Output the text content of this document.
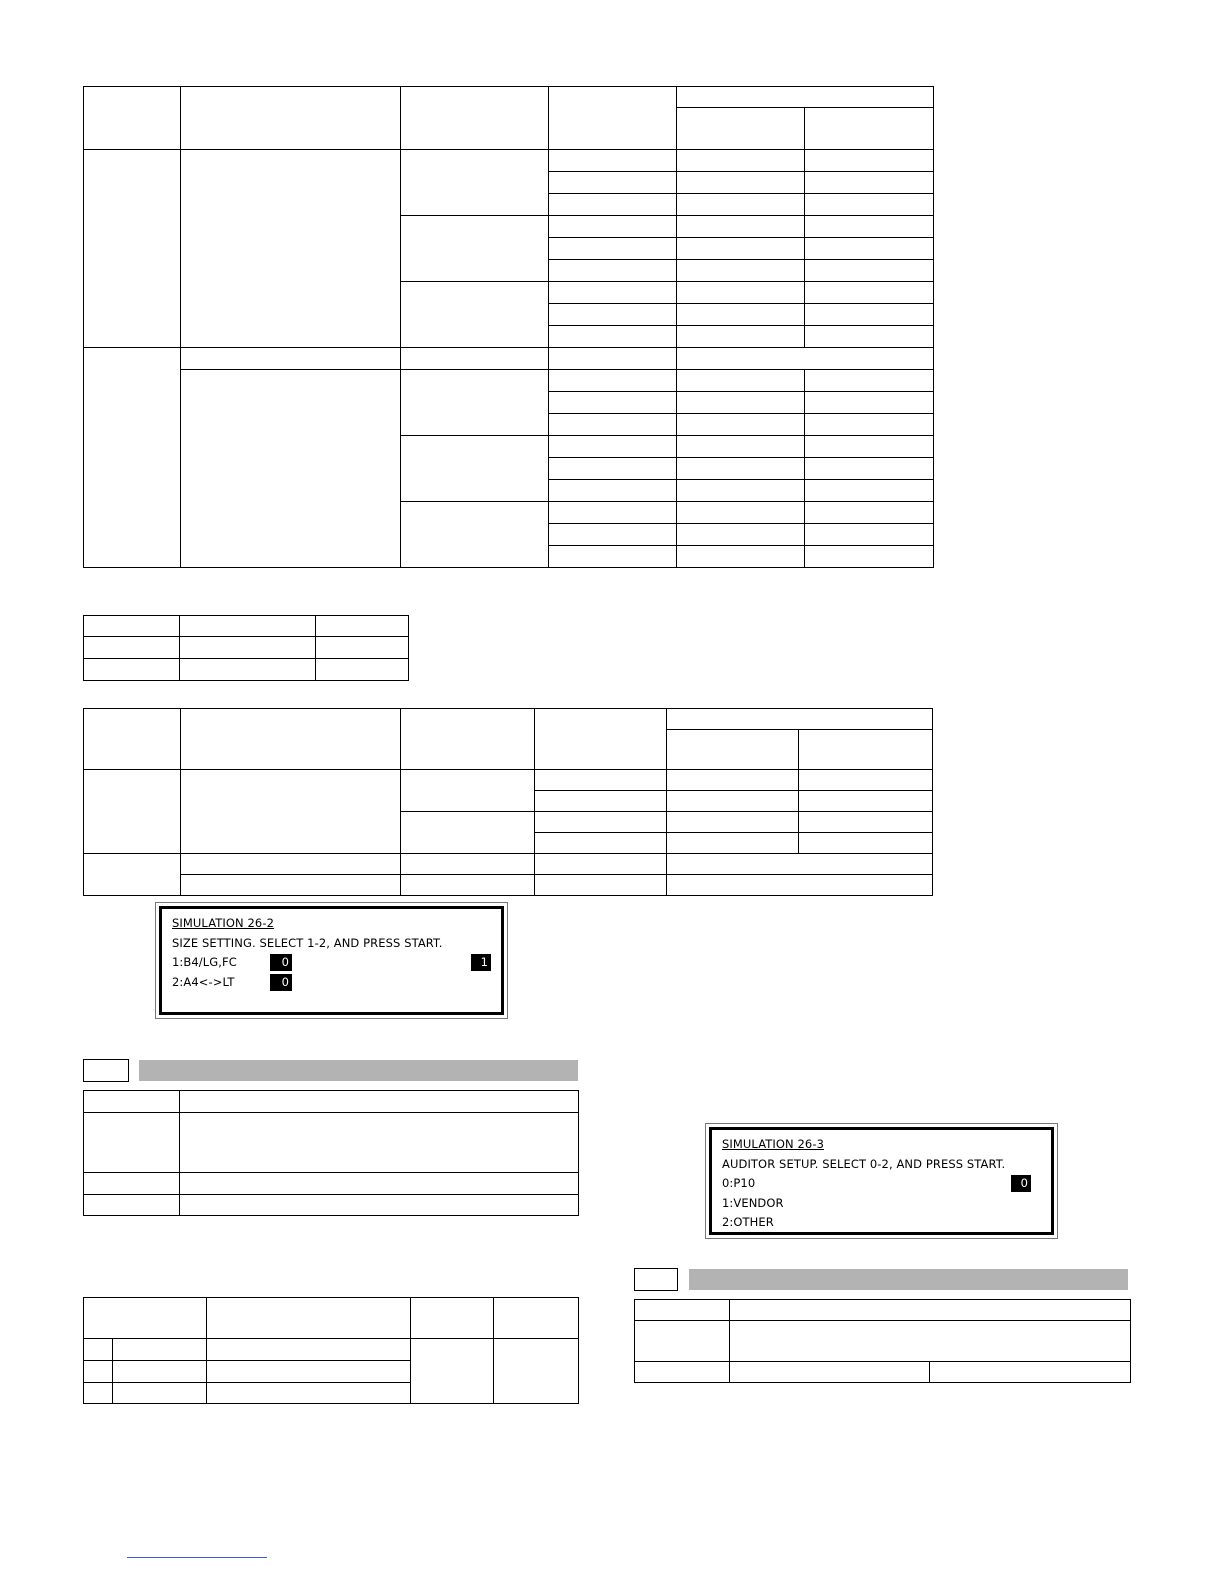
SIMULATION 26-2
SIZE SETTING. SELECT 1-2, AND PRESS START.
1:B4/LG,FC	0	1
2:A4<->LT	0

SIMULATION 26-3
AUDITOR SETUP. SELECT 0-2, AND PRESS START.
0:P10	0
1:VENDOR
2:OTHER
